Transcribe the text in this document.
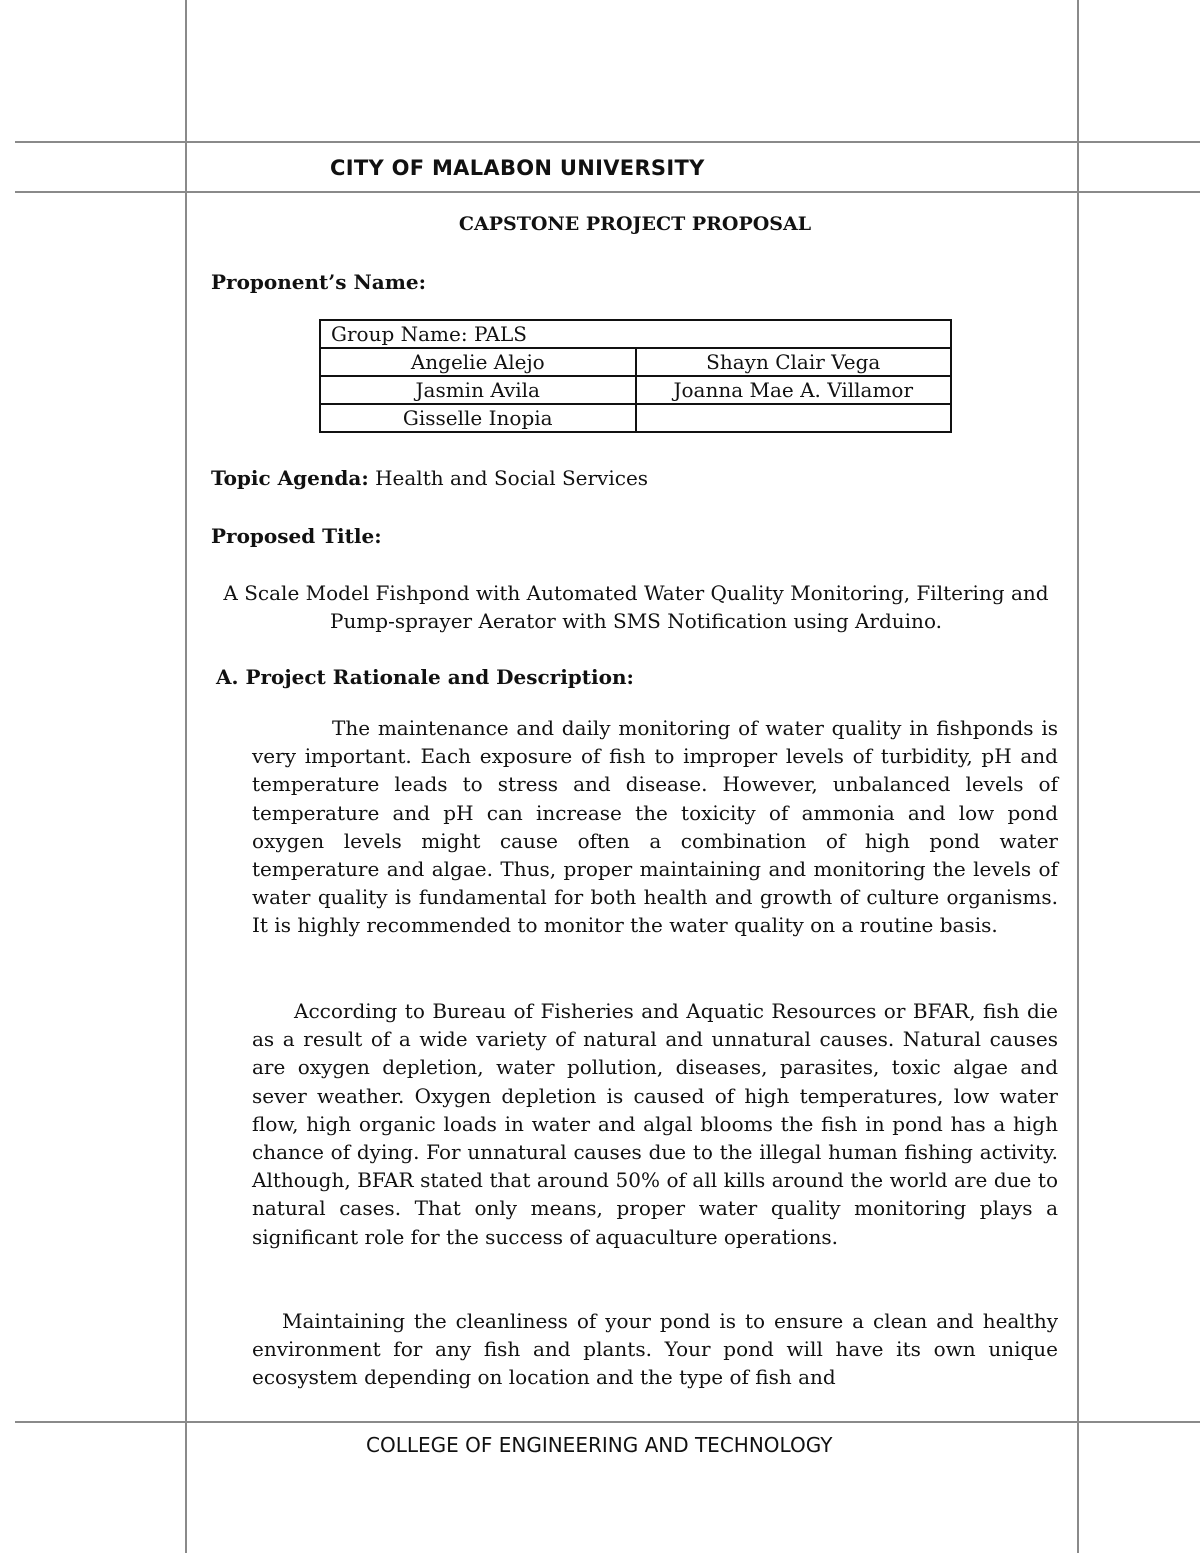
CITY OF MALABON UNIVERSITY
CAPSTONE PROJECT PROPOSAL
Proponent’s Name:
Group Name: PALS	
Angelie Alejo	Shayn Clair Vega
Jasmin Avila	Joanna Mae A. Villamor
Gisselle Inopia	
Topic Agenda: Health and Social Services
Proposed Title:
A Scale Model Fishpond with Automated Water Quality Monitoring, Filtering and Pump-sprayer Aerator with SMS Notification using Arduino.
A. Project Rationale and Description:

The maintenance and daily monitoring of water quality in fishponds is very important. Each exposure of fish to improper levels of turbidity, pH and temperature leads to stress and disease. However, unbalanced levels of temperature and pH can increase the toxicity of ammonia and low pond oxygen levels might cause often a combination of high pond water temperature and algae. Thus, proper maintaining and monitoring the levels of water quality is fundamental for both health and growth of culture organisms. It is highly recommended to monitor the water quality on a routine basis.

According to Bureau of Fisheries and Aquatic Resources or BFAR, fish die as a result of a wide variety of natural and unnatural causes. Natural causes are oxygen depletion, water pollution, diseases, parasites, toxic algae and sever weather. Oxygen depletion is caused of high temperatures, low water flow, high organic loads in water and algal blooms the fish in pond has a high chance of dying. For unnatural causes due to the illegal human fishing activity. Although, BFAR stated that around 50% of all kills around the world are due to natural cases. That only means, proper water quality monitoring plays a significant role for the success of aquaculture operations.

Maintaining the cleanliness of your pond is to ensure a clean and healthy environment for any fish and plants. Your pond will have its own unique ecosystem depending on location and the type of fish and

COLLEGE OF ENGINEERING AND TECHNOLOGY
